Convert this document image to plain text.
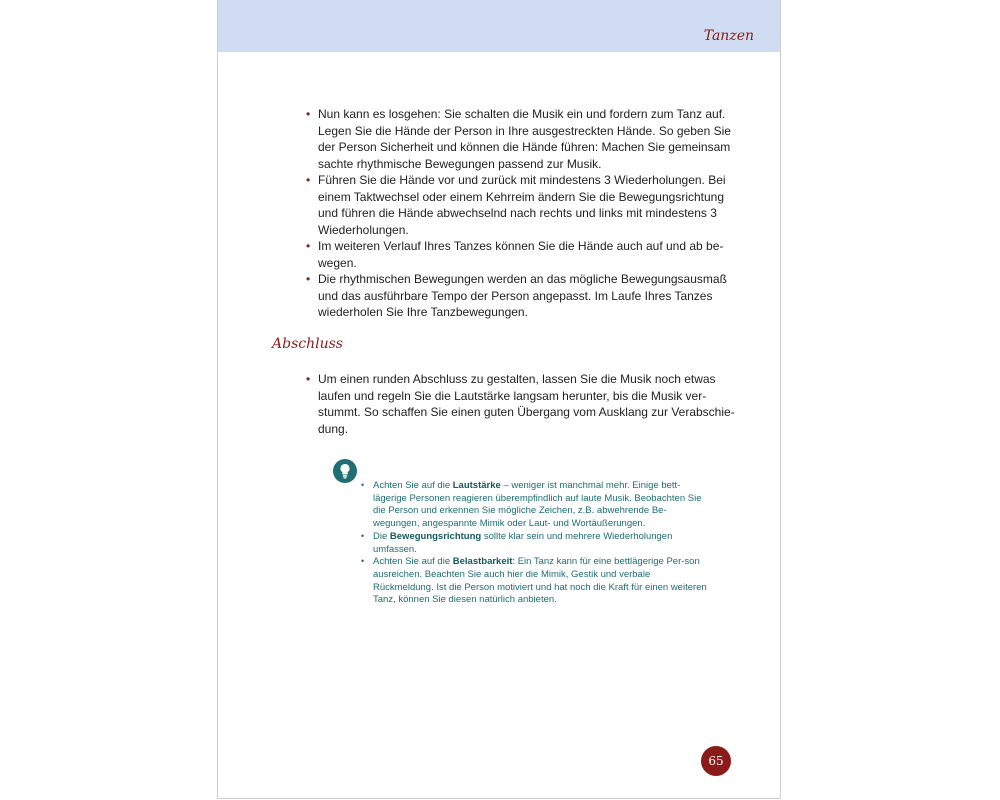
Tanzen
• Nun kann es losgehen: Sie schalten die Musik ein und fordern zum Tanz auf. Legen Sie die Hände der Person in Ihre ausgestreckten Hände. So geben Sie der Person Sicherheit und können die Hände führen: Machen Sie gemeinsam sachte rhythmische Bewegungen passend zur Musik.
• Führen Sie die Hände vor und zurück mit mindestens 3 Wiederholungen. Bei einem Taktwechsel oder einem Kehrreim ändern Sie die Bewegungsrichtung und führen die Hände abwechselnd nach rechts und links mit mindestens 3 Wiederholungen.
• Im weiteren Verlauf Ihres Tanzes können Sie die Hände auch auf und ab be-wegen.
• Die rhythmischen Bewegungen werden an das mögliche Bewegungsausmaß und das ausführbare Tempo der Person angepasst. Im Laufe Ihres Tanzes wiederholen Sie Ihre Tanzbewegungen.
Abschluss
• Um einen runden Abschluss zu gestalten, lassen Sie die Musik noch etwas laufen und regeln Sie die Lautstärke langsam herunter, bis die Musik ver-stummt. So schaffen Sie einen guten Übergang vom Ausklang zur Verabschie-dung.
• Achten Sie auf die Lautstärke – weniger ist manchmal mehr. Einige bett-lägerige Personen reagieren überempfindlich auf laute Musik. Beobachten Sie die Person und erkennen Sie mögliche Zeichen, z.B. abwehrende Be-wegungen, angespannte Mimik oder Laut- und Wortäußerungen.
• Die Bewegungsrichtung sollte klar sein und mehrere Wiederholungen umfassen.
• Achten Sie auf die Belastbarkeit: Ein Tanz kann für eine bettlägerige Per-son ausreichen. Beachten Sie auch hier die Mimik, Gestik und verbale Rückmeldung. Ist die Person motiviert und hat noch die Kraft für einen weiteren Tanz, können Sie diesen natürlich anbieten.
65
